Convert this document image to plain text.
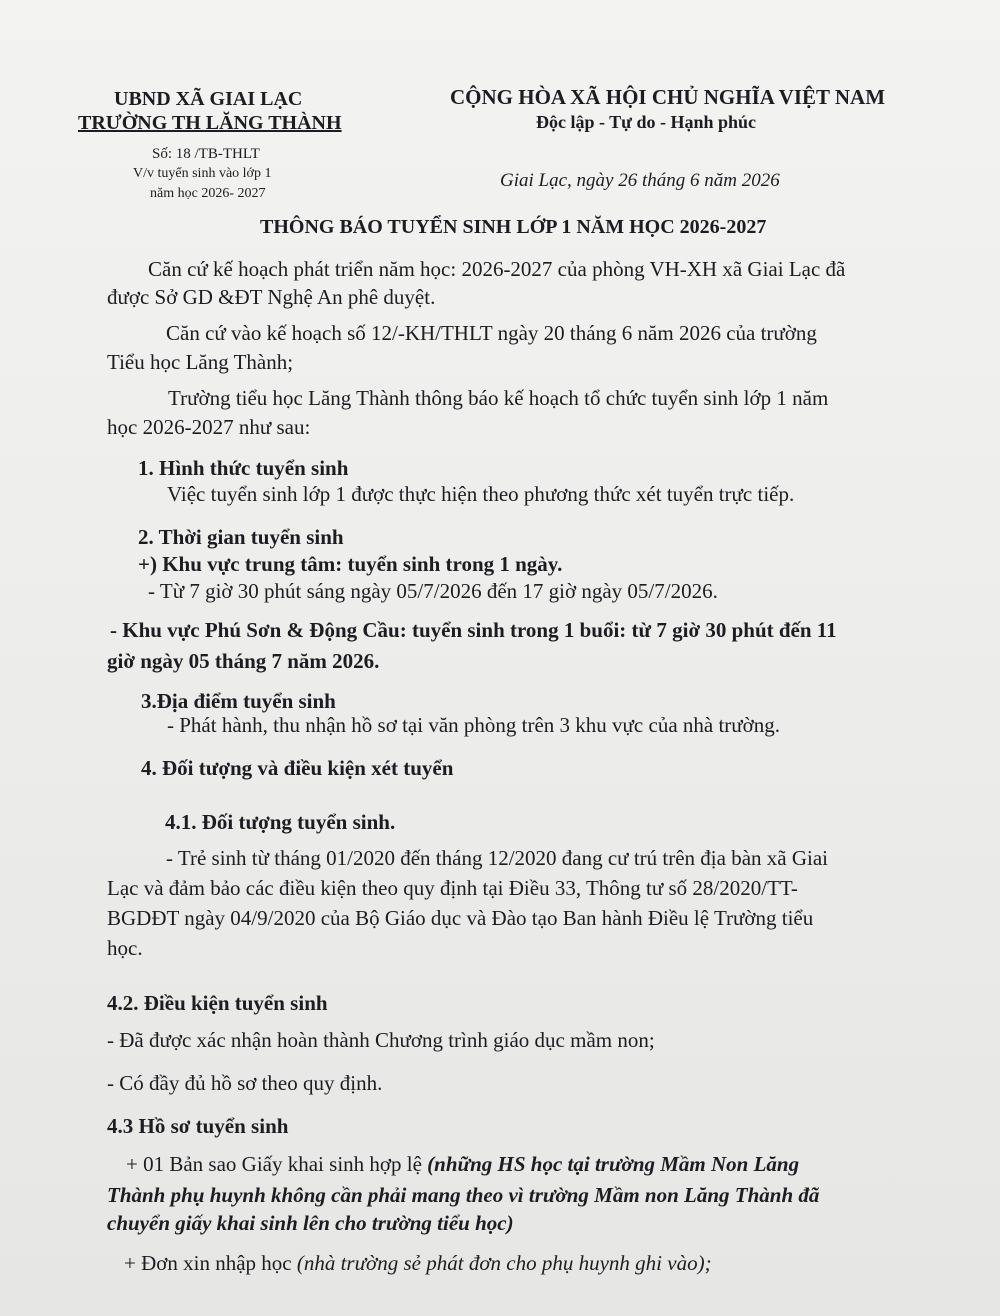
UBND XÃ GIAI LẠC
TRƯỜNG TH LĂNG THÀNH
Số: 18 /TB-THLT
V/v tuyển sinh vào lớp 1
năm học 2026- 2027
CỘNG HÒA XÃ HỘI CHỦ NGHĨA VIỆT NAM
Độc lập - Tự do - Hạnh phúc
Giai Lạc, ngày 26 tháng 6 năm 2026
THÔNG BÁO TUYỂN SINH LỚP 1 NĂM HỌC 2026-2027
Căn cứ kế hoạch phát triển năm học: 2026-2027 của phòng VH-XH xã Giai Lạc đã
được Sở GD &ĐT Nghệ An phê duyệt.
Căn cứ vào kế hoạch số 12/-KH/THLT ngày 20 tháng 6 năm 2026 của trường
Tiểu học Lăng Thành;
Trường tiểu học Lăng Thành thông báo kế hoạch tổ chức tuyển sinh lớp 1 năm
học 2026-2027 như sau:
1. Hình thức tuyển sinh
Việc tuyển sinh lớp 1 được thực hiện theo phương thức xét tuyển trực tiếp.
2. Thời gian tuyển sinh
+) Khu vực trung tâm: tuyển sinh trong 1 ngày.
- Từ 7 giờ 30 phút sáng ngày 05/7/2026 đến 17 giờ ngày 05/7/2026.
- Khu vực Phú Sơn & Động Cầu: tuyển sinh trong 1 buổi: từ 7 giờ 30 phút đến 11
giờ ngày 05 tháng 7 năm 2026.
3.Địa điểm tuyển sinh
- Phát hành, thu nhận hồ sơ tại văn phòng trên 3 khu vực của nhà trường.
4. Đối tượng và điều kiện xét tuyển
4.1. Đối tượng tuyển sinh.
- Trẻ sinh từ tháng 01/2020 đến tháng 12/2020 đang cư trú trên địa bàn xã Giai
Lạc và đảm bảo các điều kiện theo quy định tại Điều 33, Thông tư số 28/2020/TT-
BGDĐT ngày 04/9/2020 của Bộ Giáo dục và Đào tạo Ban hành Điều lệ Trường tiểu
học.
4.2. Điều kiện tuyển sinh
- Đã được xác nhận hoàn thành Chương trình giáo dục mầm non;
- Có đầy đủ hồ sơ theo quy định.
4.3 Hồ sơ tuyển sinh
+ 01 Bản sao Giấy khai sinh hợp lệ (những HS học tại trường Mầm Non Lăng
Thành phụ huynh không cần phải mang theo vì trường Mầm non Lăng Thành đã
chuyển giấy khai sinh lên cho trường tiểu học)
+ Đơn xin nhập học (nhà trường sẻ phát đơn cho phụ huynh ghi vào);
